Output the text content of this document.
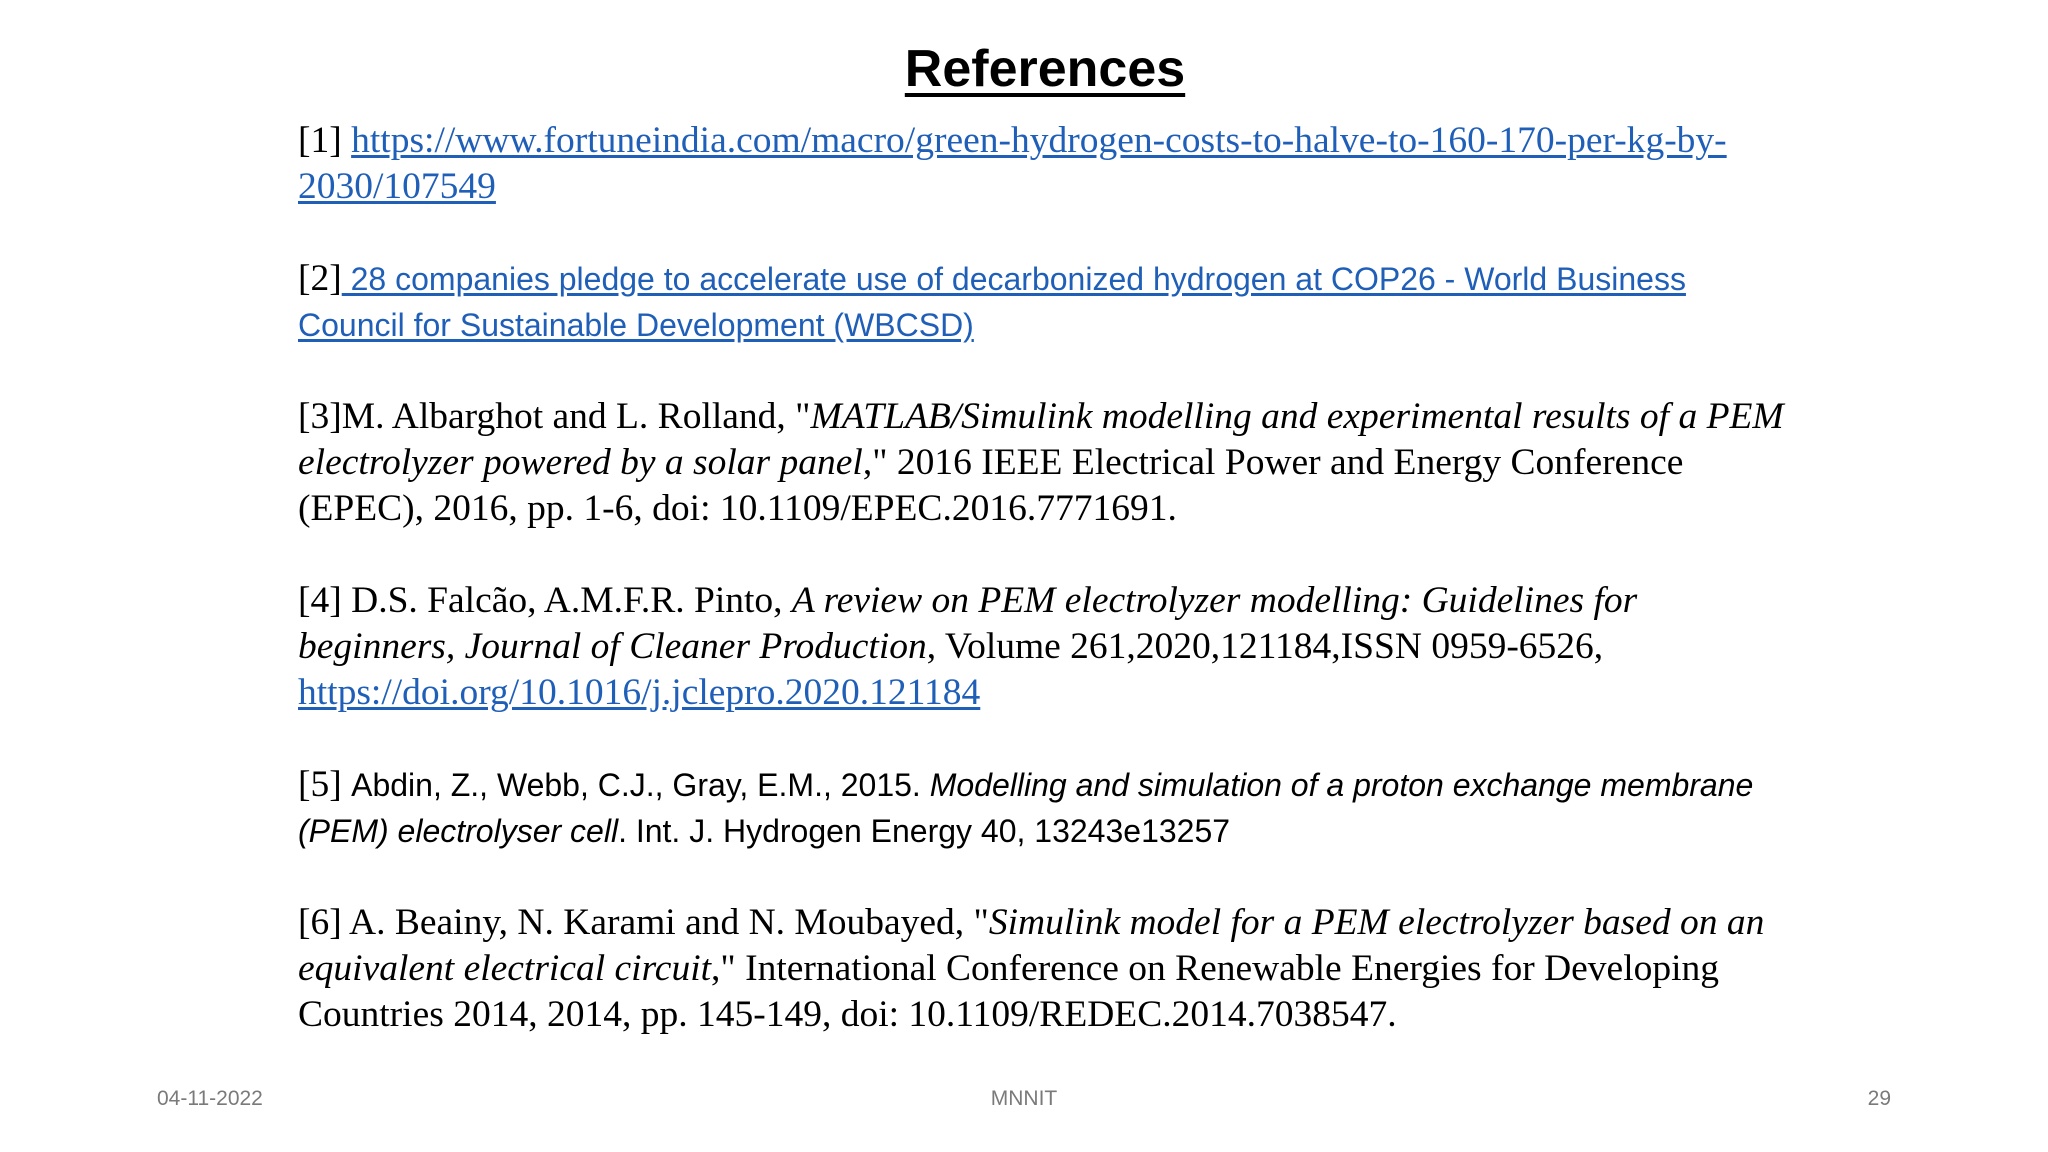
References

[1] https://www.fortuneindia.com/macro/green-hydrogen-costs-to-halve-to-160-170-per-kg-by-2030/107549

[2] 28 companies pledge to accelerate use of decarbonized hydrogen at COP26 - World Business Council for Sustainable Development (WBCSD)

[3]M. Albarghot and L. Rolland, "MATLAB/Simulink modelling and experimental results of a PEM electrolyzer powered by a solar panel," 2016 IEEE Electrical Power and Energy Conference (EPEC), 2016, pp. 1-6, doi: 10.1109/EPEC.2016.7771691.

[4] D.S. Falcão, A.M.F.R. Pinto, A review on PEM electrolyzer modelling: Guidelines for beginners, Journal of Cleaner Production, Volume 261,2020,121184,ISSN 0959-6526, https://doi.org/10.1016/j.jclepro.2020.121184

[5] Abdin, Z., Webb, C.J., Gray, E.M., 2015. Modelling and simulation of a proton exchange membrane (PEM) electrolyser cell. Int. J. Hydrogen Energy 40, 13243e13257

[6] A. Beainy, N. Karami and N. Moubayed, "Simulink model for a PEM electrolyzer based on an equivalent electrical circuit," International Conference on Renewable Energies for Developing Countries 2014, 2014, pp. 145-149, doi: 10.1109/REDEC.2014.7038547.

04-11-2022	MNNIT	29
